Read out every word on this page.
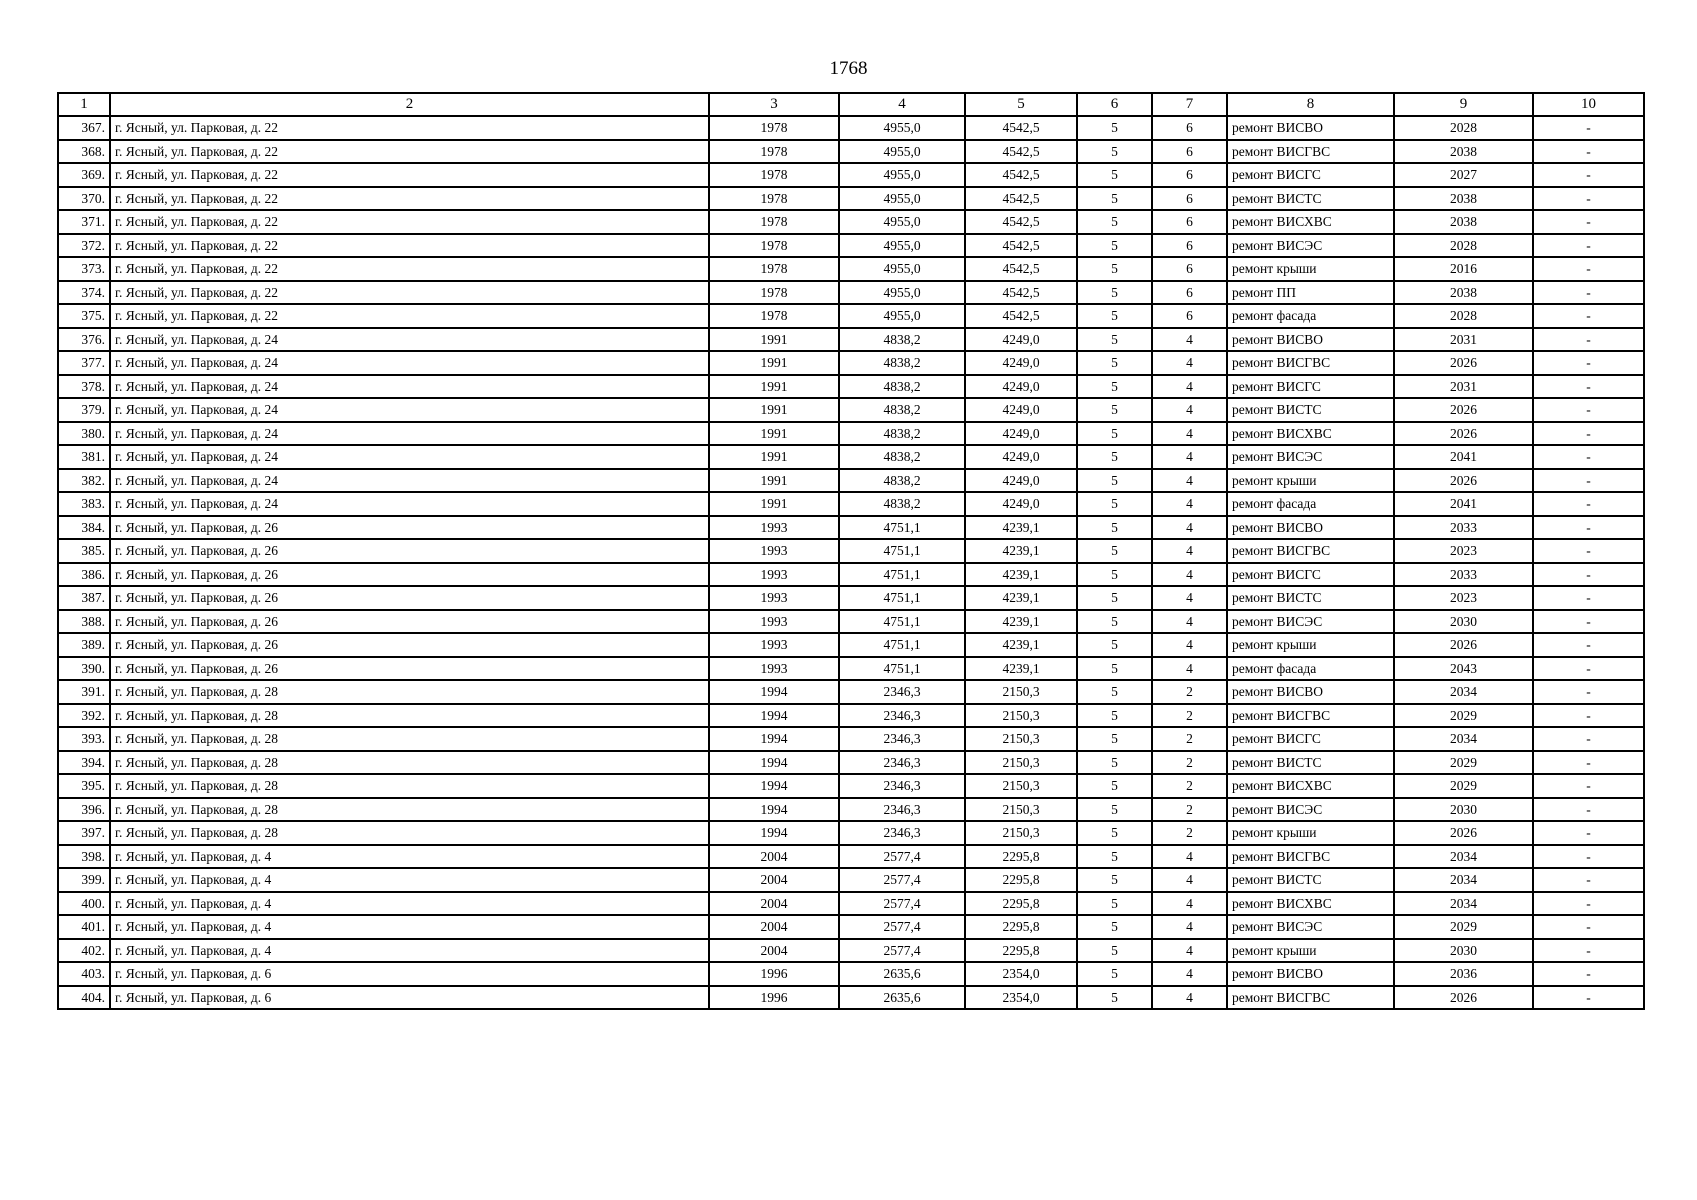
1768
1	2	3	4	5	6	7	8	9	10
367.	г. Ясный, ул. Парковая, д. 22	1978	4955,0	4542,5	5	6	ремонт ВИСВО	2028	-
368.	г. Ясный, ул. Парковая, д. 22	1978	4955,0	4542,5	5	6	ремонт ВИСГВС	2038	-
369.	г. Ясный, ул. Парковая, д. 22	1978	4955,0	4542,5	5	6	ремонт ВИСГС	2027	-
370.	г. Ясный, ул. Парковая, д. 22	1978	4955,0	4542,5	5	6	ремонт ВИСТС	2038	-
371.	г. Ясный, ул. Парковая, д. 22	1978	4955,0	4542,5	5	6	ремонт ВИСХВС	2038	-
372.	г. Ясный, ул. Парковая, д. 22	1978	4955,0	4542,5	5	6	ремонт ВИСЭС	2028	-
373.	г. Ясный, ул. Парковая, д. 22	1978	4955,0	4542,5	5	6	ремонт крыши	2016	-
374.	г. Ясный, ул. Парковая, д. 22	1978	4955,0	4542,5	5	6	ремонт ПП	2038	-
375.	г. Ясный, ул. Парковая, д. 22	1978	4955,0	4542,5	5	6	ремонт фасада	2028	-
376.	г. Ясный, ул. Парковая, д. 24	1991	4838,2	4249,0	5	4	ремонт ВИСВО	2031	-
377.	г. Ясный, ул. Парковая, д. 24	1991	4838,2	4249,0	5	4	ремонт ВИСГВС	2026	-
378.	г. Ясный, ул. Парковая, д. 24	1991	4838,2	4249,0	5	4	ремонт ВИСГС	2031	-
379.	г. Ясный, ул. Парковая, д. 24	1991	4838,2	4249,0	5	4	ремонт ВИСТС	2026	-
380.	г. Ясный, ул. Парковая, д. 24	1991	4838,2	4249,0	5	4	ремонт ВИСХВС	2026	-
381.	г. Ясный, ул. Парковая, д. 24	1991	4838,2	4249,0	5	4	ремонт ВИСЭС	2041	-
382.	г. Ясный, ул. Парковая, д. 24	1991	4838,2	4249,0	5	4	ремонт крыши	2026	-
383.	г. Ясный, ул. Парковая, д. 24	1991	4838,2	4249,0	5	4	ремонт фасада	2041	-
384.	г. Ясный, ул. Парковая, д. 26	1993	4751,1	4239,1	5	4	ремонт ВИСВО	2033	-
385.	г. Ясный, ул. Парковая, д. 26	1993	4751,1	4239,1	5	4	ремонт ВИСГВС	2023	-
386.	г. Ясный, ул. Парковая, д. 26	1993	4751,1	4239,1	5	4	ремонт ВИСГС	2033	-
387.	г. Ясный, ул. Парковая, д. 26	1993	4751,1	4239,1	5	4	ремонт ВИСТС	2023	-
388.	г. Ясный, ул. Парковая, д. 26	1993	4751,1	4239,1	5	4	ремонт ВИСЭС	2030	-
389.	г. Ясный, ул. Парковая, д. 26	1993	4751,1	4239,1	5	4	ремонт крыши	2026	-
390.	г. Ясный, ул. Парковая, д. 26	1993	4751,1	4239,1	5	4	ремонт фасада	2043	-
391.	г. Ясный, ул. Парковая, д. 28	1994	2346,3	2150,3	5	2	ремонт ВИСВО	2034	-
392.	г. Ясный, ул. Парковая, д. 28	1994	2346,3	2150,3	5	2	ремонт ВИСГВС	2029	-
393.	г. Ясный, ул. Парковая, д. 28	1994	2346,3	2150,3	5	2	ремонт ВИСГС	2034	-
394.	г. Ясный, ул. Парковая, д. 28	1994	2346,3	2150,3	5	2	ремонт ВИСТС	2029	-
395.	г. Ясный, ул. Парковая, д. 28	1994	2346,3	2150,3	5	2	ремонт ВИСХВС	2029	-
396.	г. Ясный, ул. Парковая, д. 28	1994	2346,3	2150,3	5	2	ремонт ВИСЭС	2030	-
397.	г. Ясный, ул. Парковая, д. 28	1994	2346,3	2150,3	5	2	ремонт крыши	2026	-
398.	г. Ясный, ул. Парковая, д. 4	2004	2577,4	2295,8	5	4	ремонт ВИСГВС	2034	-
399.	г. Ясный, ул. Парковая, д. 4	2004	2577,4	2295,8	5	4	ремонт ВИСТС	2034	-
400.	г. Ясный, ул. Парковая, д. 4	2004	2577,4	2295,8	5	4	ремонт ВИСХВС	2034	-
401.	г. Ясный, ул. Парковая, д. 4	2004	2577,4	2295,8	5	4	ремонт ВИСЭС	2029	-
402.	г. Ясный, ул. Парковая, д. 4	2004	2577,4	2295,8	5	4	ремонт крыши	2030	-
403.	г. Ясный, ул. Парковая, д. 6	1996	2635,6	2354,0	5	4	ремонт ВИСВО	2036	-
404.	г. Ясный, ул. Парковая, д. 6	1996	2635,6	2354,0	5	4	ремонт ВИСГВС	2026	-
